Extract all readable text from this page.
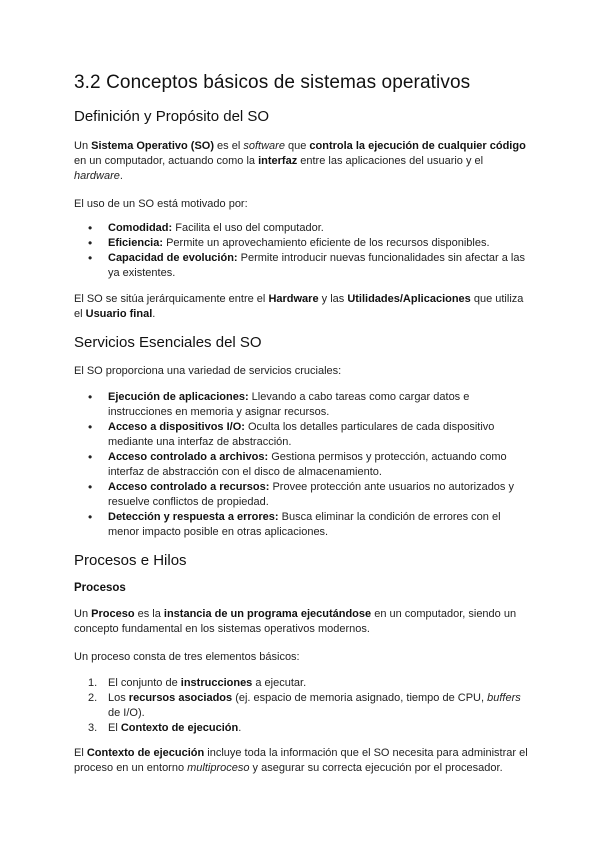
3.2 Conceptos básicos de sistemas operativos
Definición y Propósito del SO

Un Sistema Operativo (SO) es el software que controla la ejecución de cualquier código en un computador, actuando como la interfaz entre las aplicaciones del usuario y el hardware.

El uso de un SO está motivado por:

•
Comodidad: Facilita el uso del computador.
•
Eficiencia: Permite un aprovechamiento eficiente de los recursos disponibles.
•
Capacidad de evolución: Permite introducir nuevas funcionalidades sin afectar a las ya existentes.

El SO se sitúa jerárquicamente entre el Hardware y las Utilidades/Aplicaciones que utiliza el Usuario final.

Servicios Esenciales del SO

El SO proporciona una variedad de servicios cruciales:

•
Ejecución de aplicaciones: Llevando a cabo tareas como cargar datos e instrucciones en memoria y asignar recursos.
•
Acceso a dispositivos I/O: Oculta los detalles particulares de cada dispositivo mediante una interfaz de abstracción.
•
Acceso controlado a archivos: Gestiona permisos y protección, actuando como interfaz de abstracción con el disco de almacenamiento.
•
Acceso controlado a recursos: Provee protección ante usuarios no autorizados y resuelve conflictos de propiedad.
•
Detección y respuesta a errores: Busca eliminar la condición de errores con el menor impacto posible en otras aplicaciones.
Procesos e Hilos
Procesos

Un Proceso es la instancia de un programa ejecutándose en un computador, siendo un concepto fundamental en los sistemas operativos modernos.

Un proceso consta de tres elementos básicos:

1. El conjunto de instrucciones a ejecutar.
2. Los recursos asociados (ej. espacio de memoria asignado, tiempo de CPU, buffers de I/O).
3. El Contexto de ejecución.

El Contexto de ejecución incluye toda la información que el SO necesita para administrar el proceso en un entorno multiproceso y asegurar su correcta ejecución por el procesador.
